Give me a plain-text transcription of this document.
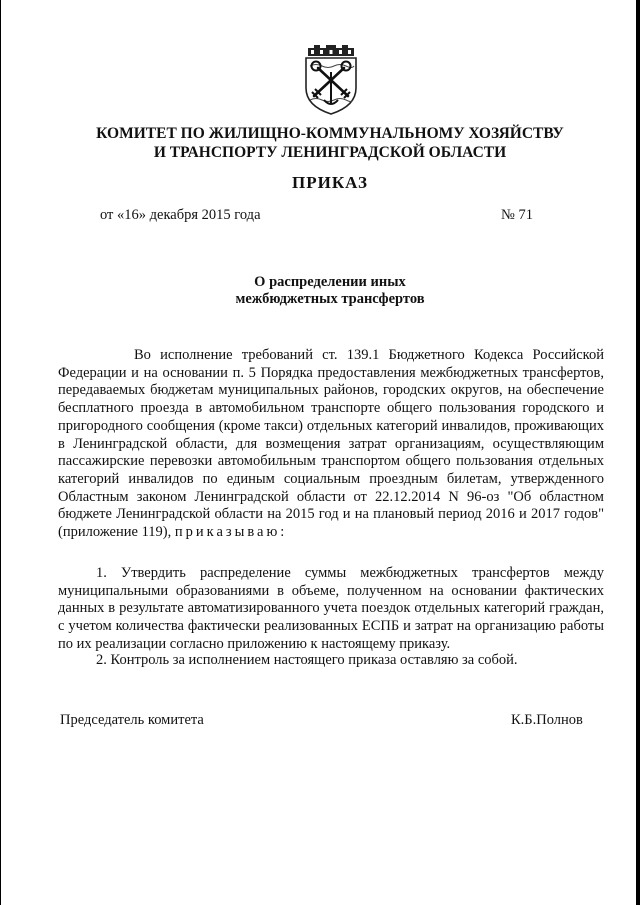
КОМИТЕТ ПО ЖИЛИЩНО-КОММУНАЛЬНОМУ ХОЗЯЙСТВУ
И ТРАНСПОРТУ ЛЕНИНГРАДСКОЙ ОБЛАСТИ
ПРИКАЗ
от «16» декабря 2015 года	№ 71
О распределении иных
межбюджетных трансфертов
Во исполнение требований ст. 139.1 Бюджетного Кодекса Российской Федерации и на основании п. 5 Порядка предоставления межбюджетных трансфертов, передаваемых бюджетам муниципальных районов, городских округов, на обеспечение бесплатного проезда в автомобильном транспорте общего пользования городского и пригородного сообщения (кроме такси) отдельных категорий инвалидов, проживающих в Ленинградской области, для возмещения затрат организациям, осуществляющим пассажирские перевозки автомобильным транспортом общего пользования отдельных категорий инвалидов по единым социальным проездным билетам, утвержденного Областным законом Ленинградской области от 22.12.2014 N 96-оз "Об областном бюджете Ленинградской области на 2015 год и на плановый период 2016 и 2017 годов" (приложение 119), приказываю:
1. Утвердить распределение суммы межбюджетных трансфертов между муниципальными образованиями в объеме, полученном на основании фактических данных в результате автоматизированного учета поездок отдельных категорий граждан, с учетом количества фактически реализованных ЕСПБ и затрат на организацию работы по их реализации согласно приложению к настоящему приказу.
2. Контроль за исполнением настоящего приказа оставляю за собой.
Председатель комитета	К.Б.Полнов
